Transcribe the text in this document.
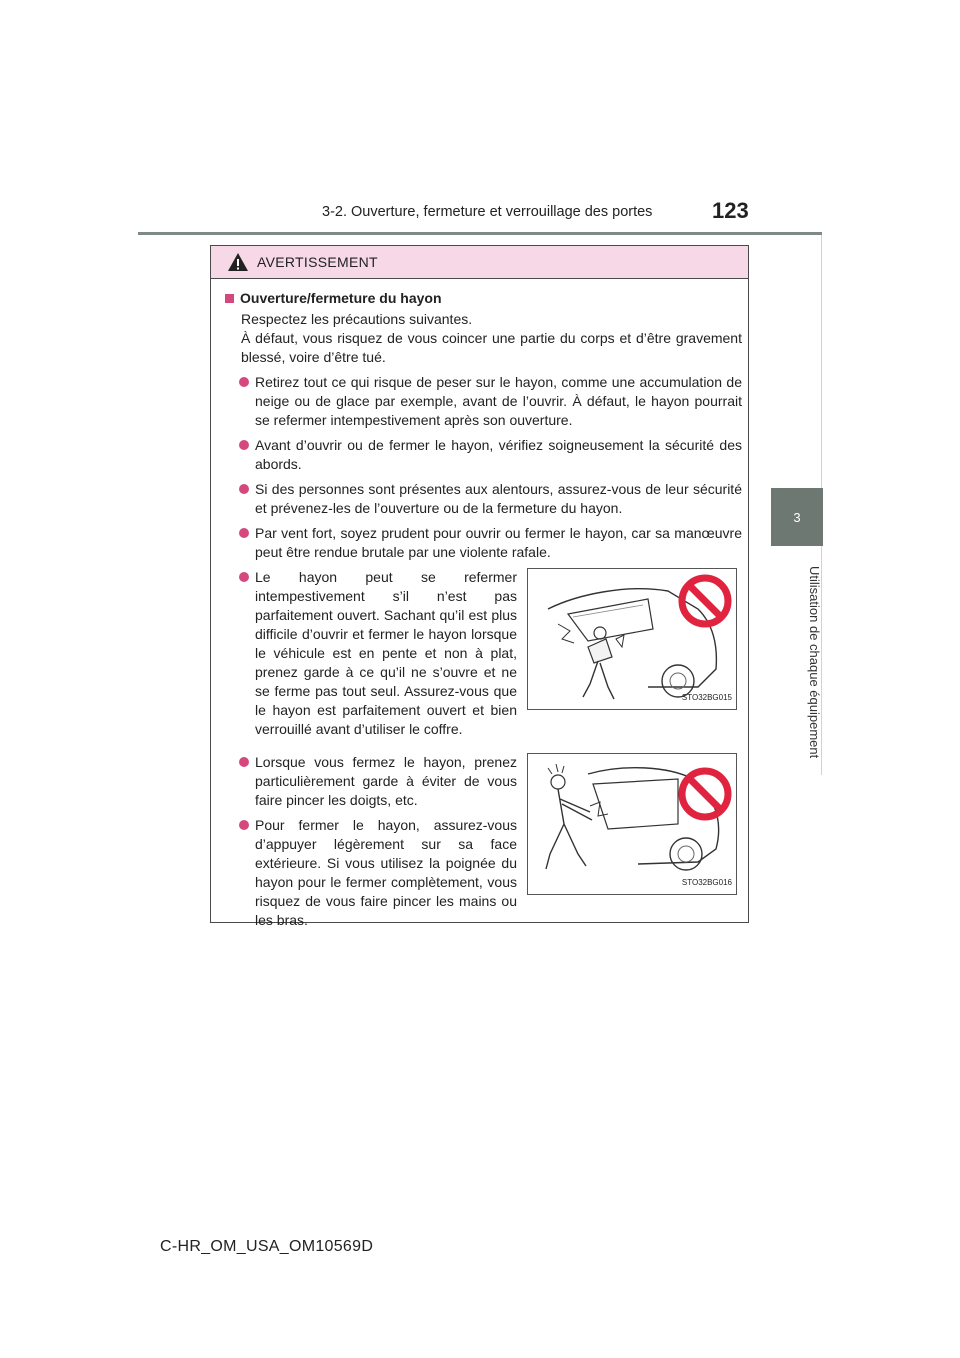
3-2. Ouverture, fermeture et verrouillage des portes	123
3
Utilisation de chaque équipement
AVERTISSEMENT
Ouverture/fermeture du hayon
Respectez les précautions suivantes.
À défaut, vous risquez de vous coincer une partie du corps et d’être gravement blessé, voire d’être tué.
Retirez tout ce qui risque de peser sur le hayon, comme une accumulation de neige ou de glace par exemple, avant de l’ouvrir. À défaut, le hayon pourrait se refermer intempestivement après son ouverture.
Avant d’ouvrir ou de fermer le hayon, vérifiez soigneusement la sécurité des abords.
Si des personnes sont présentes aux alentours, assurez-vous de leur sécurité et prévenez-les de l’ouverture ou de la fermeture du hayon.
Par vent fort, soyez prudent pour ouvrir ou fermer le hayon, car sa manœuvre peut être rendue brutale par une violente rafale.
Le hayon peut se refermer intempestivement s’il n’est pas parfaitement ouvert. Sachant qu’il est plus difficile d’ouvrir et fermer le hayon lorsque le véhicule est en pente et non à plat, prenez garde à ce qu’il ne s’ouvre et ne se ferme pas tout seul. Assurez-vous que le hayon est parfaitement ouvert et bien verrouillé avant d’utiliser le coffre.
STO32BG015
Lorsque vous fermez le hayon, prenez particulièrement garde à éviter de vous faire pincer les doigts, etc.
Pour fermer le hayon, assurez-vous d’appuyer légèrement sur sa face extérieure. Si vous utilisez la poignée du hayon pour le fermer complètement, vous risquez de vous faire pincer les mains ou les bras.
STO32BG016
C-HR_OM_USA_OM10569D
